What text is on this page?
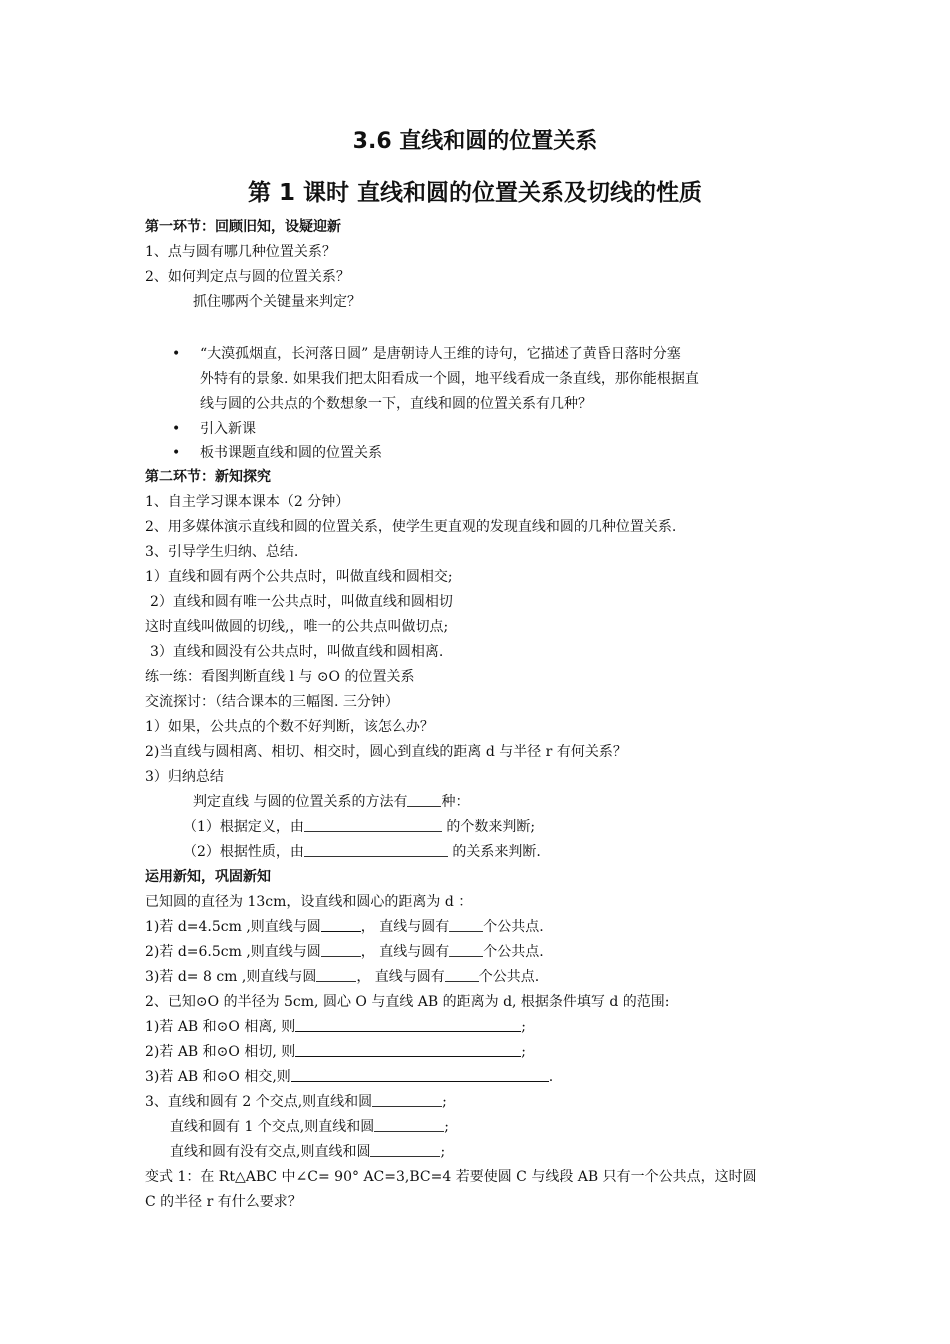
3.6 直线和圆的位置关系
第 1 课时 直线和圆的位置关系及切线的性质
第一环节：回顾旧知，设疑迎新
1、点与圆有哪几种位置关系？
2、如何判定点与圆的位置关系？
抓住哪两个关键量来判定？
• “大漠孤烟直，长河落日圆” 是唐朝诗人王维的诗句，它描述了黄昏日落时分塞
外特有的景象. 如果我们把太阳看成一个圆，地平线看成一条直线，那你能根据直
线与圆的公共点的个数想象一下，直线和圆的位置关系有几种？
• 引入新课
• 板书课题直线和圆的位置关系
第二环节：新知探究
1、自主学习课本课本（2 分钟）
2、用多媒体演示直线和圆的位置关系，使学生更直观的发现直线和圆的几种位置关系.
3、引导学生归纳、总结.
1）直线和圆有两个公共点时，叫做直线和圆相交;
2）直线和圆有唯一公共点时，叫做直线和圆相切
这时直线叫做圆的切线,，唯一的公共点叫做切点;
3）直线和圆没有公共点时，叫做直线和圆相离.
练一练：看图判断直线 l 与 ⊙O 的位置关系
交流探讨：（结合课本的三幅图. 三分钟）
1）如果，公共点的个数不好判断，该怎么办？
2)当直线与圆相离、相切、相交时，圆心到直线的距离 d 与半径 r 有何关系？
3）归纳总结
判定直线 与圆的位置关系的方法有 种：
（1）根据定义，由	的个数来判断;
（2）根据性质，由	的关系来判断.
运用新知，巩固新知
已知圆的直径为 13cm，设直线和圆心的距离为 d ：
1)若 d=4.5cm ,则直线与圆	， 直线与圆有 个公共点.
2)若 d=6.5cm ,则直线与圆	， 直线与圆有 个公共点.
3)若 d= 8 cm ,则直线与圆	， 直线与圆有 个公共点.
2、已知⊙O 的半径为 5cm, 圆心 O 与直线 AB 的距离为 d, 根据条件填写 d 的范围:
1)若 AB 和⊙O 相离, 则	;
2)若 AB 和⊙O 相切, 则	;
3)若 AB 和⊙O 相交,则	.
3、直线和圆有 2 个交点,则直线和圆	;
直线和圆有 1 个交点,则直线和圆	;
直线和圆有没有交点,则直线和圆	;
变式 1：在 Rt△ABC 中∠C= 90° AC=3,BC=4 若要使圆 C 与线段 AB 只有一个公共点，这时圆
C 的半径 r 有什么要求？
